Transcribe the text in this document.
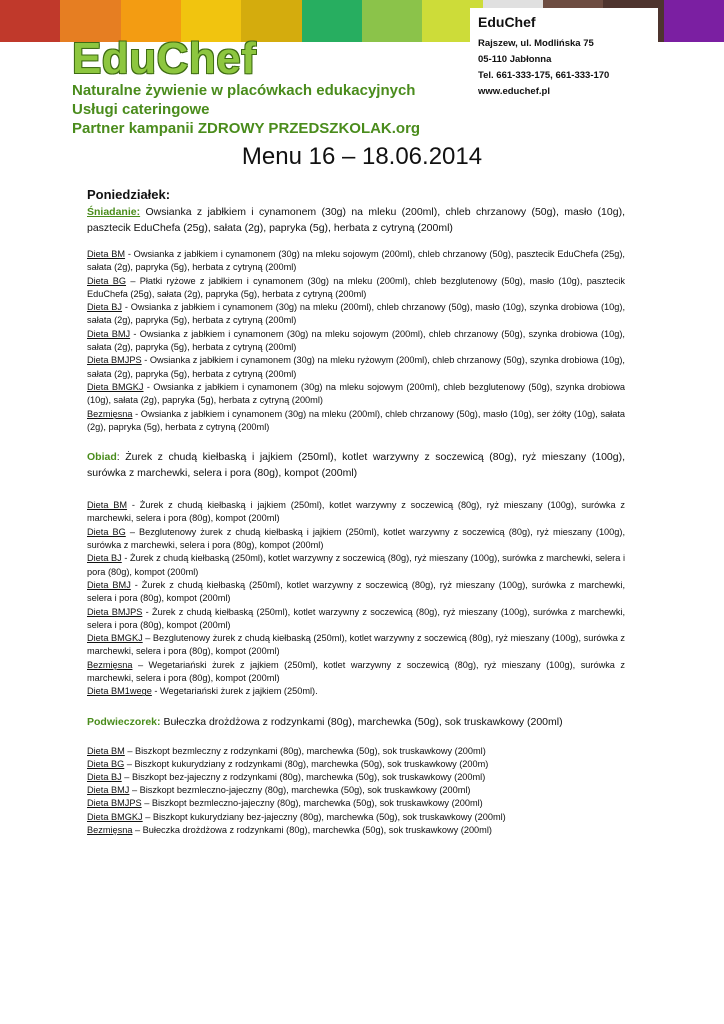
EduChef
Rajszew, ul. Modlińska 75
05-110 Jabłonna
Tel. 661-333-175, 661-333-170
www.educhef.pl
EduChef
Naturalne żywienie w placówkach edukacyjnych
Usługi cateringowe
Partner kampanii ZDROWY PRZEDSZKOLAK.org
Menu 16 – 18.06.2014
Poniedziałek:

Śniadanie: Owsianka z jabłkiem i cynamonem (30g) na mleku (200ml), chleb chrzanowy (50g), masło (10g), pasztecik EduChefa (25g), sałata (2g), papryka (5g), herbata z cytryną (200ml)

Dieta BM - Owsianka z jabłkiem i cynamonem (30g) na mleku sojowym (200ml), chleb chrzanowy (50g), pasztecik EduChefa (25g), sałata (2g), papryka (5g), herbata z cytryną (200ml)

Dieta BG – Płatki ryżowe z jabłkiem i cynamonem (30g) na mleku (200ml), chleb bezglutenowy (50g), masło (10g), pasztecik EduChefa (25g), sałata (2g), papryka (5g), herbata z cytryną (200ml)

Dieta BJ - Owsianka z jabłkiem i cynamonem (30g) na mleku (200ml), chleb chrzanowy (50g), masło (10g), szynka drobiowa (10g), sałata (2g), papryka (5g), herbata z cytryną (200ml)

Dieta BMJ - Owsianka z jabłkiem i cynamonem (30g) na mleku sojowym (200ml), chleb chrzanowy (50g), szynka drobiowa (10g), sałata (2g), papryka (5g), herbata z cytryną (200ml)

Dieta BMJPS - Owsianka z jabłkiem i cynamonem (30g) na mleku ryżowym (200ml), chleb chrzanowy (50g), szynka drobiowa (10g), sałata (2g), papryka (5g), herbata z cytryną (200ml)

Dieta BMGKJ - Owsianka z jabłkiem i cynamonem (30g) na mleku sojowym (200ml), chleb bezglutenowy (50g), szynka drobiowa (10g), sałata (2g), papryka (5g), herbata z cytryną (200ml)

Bezmięsna - Owsianka z jabłkiem i cynamonem (30g) na mleku (200ml), chleb chrzanowy (50g), masło (10g), ser żółty (10g), sałata (2g), papryka (5g), herbata z cytryną (200ml)

Obiad: Żurek z chudą kiełbaską i jajkiem (250ml), kotlet warzywny z soczewicą (80g), ryż mieszany (100g), surówka z marchewki, selera i pora (80g), kompot (200ml)

Dieta BM - Żurek z chudą kiełbaską i jajkiem (250ml), kotlet warzywny z soczewicą (80g), ryż mieszany (100g), surówka z marchewki, selera i pora (80g), kompot (200ml)

Dieta BG – Bezglutenowy żurek z chudą kiełbaską i jajkiem (250ml), kotlet warzywny z soczewicą (80g), ryż mieszany (100g), surówka z marchewki, selera i pora (80g), kompot (200ml)

Dieta BJ - Żurek z chudą kiełbaską (250ml), kotlet warzywny z soczewicą (80g), ryż mieszany (100g), surówka z marchewki, selera i pora (80g), kompot (200ml)

Dieta BMJ - Żurek z chudą kiełbaską (250ml), kotlet warzywny z soczewicą (80g), ryż mieszany (100g), surówka z marchewki, selera i pora (80g), kompot (200ml)

Dieta BMJPS - Żurek z chudą kiełbaską (250ml), kotlet warzywny z soczewicą (80g), ryż mieszany (100g), surówka z marchewki, selera i pora (80g), kompot (200ml)

Dieta BMGKJ – Bezglutenowy żurek z chudą kiełbaską (250ml), kotlet warzywny z soczewicą (80g), ryż mieszany (100g), surówka z marchewki, selera i pora (80g), kompot (200ml)

Bezmięsna – Wegetariański żurek z jajkiem (250ml), kotlet warzywny z soczewicą (80g), ryż mieszany (100g), surówka z marchewki, selera i pora (80g), kompot (200ml)

Dieta BM1wege - Wegetariański żurek z jajkiem (250ml).

Podwieczorek: Bułeczka drożdżowa z rodzynkami (80g), marchewka (50g), sok truskawkowy (200ml)

Dieta BM – Biszkopt bezmleczny z rodzynkami (80g), marchewka (50g), sok truskawkowy (200ml)

Dieta BG – Biszkopt kukurydziany z rodzynkami (80g), marchewka (50g), sok truskawkowy (200m)

Dieta BJ – Biszkopt bez-jajeczny z rodzynkami (80g), marchewka (50g), sok truskawkowy (200ml)

Dieta BMJ – Biszkopt bezmleczno-jajeczny (80g), marchewka (50g), sok truskawkowy (200ml)

Dieta BMJPS – Biszkopt bezmleczno-jajeczny (80g), marchewka (50g), sok truskawkowy (200ml)

Dieta BMGKJ – Biszkopt kukurydziany bez-jajeczny (80g), marchewka (50g), sok truskawkowy (200ml)

Bezmięsna – Bułeczka drożdżowa z rodzynkami (80g), marchewka (50g), sok truskawkowy (200ml)
